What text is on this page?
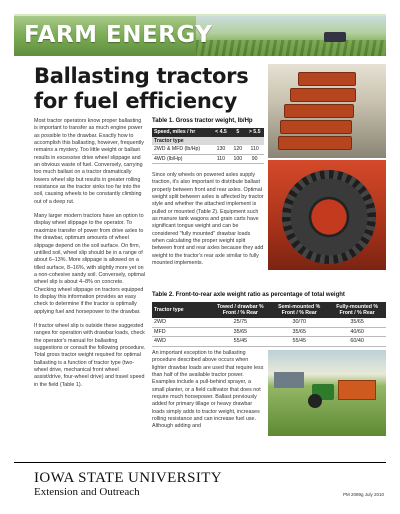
FARM ENERGY
Ballasting tractors for fuel efficiency

Most tractor operators know proper ballasting is important to transfer as much engine power as possible to the drawbar. Exactly how to accomplish this ballasting, however, frequently remains a mystery. Too little weight or ballast results in excessive drive wheel slippage and an obvious waste of fuel. Conversely, carrying too much ballast on a tractor dramatically lowers wheel slip but results in greater rolling resistance as the tractor sinks too far into the soil, causing wheels to be constantly climbing out of a deep rut.

Many larger modern tractors have an option to display wheel slippage to the operator. To maximize transfer of power from drive axles to the drawbar, optimum amounts of wheel slippage depend on the soil surface. On firm, untilled soil, wheel slip should be in a range of about 6–13%. More slippage is allowed on a tilled surface, 8–16%, with slightly more yet on a non-cohesive sandy soil. Conversely, optimal wheel slip is about 4–8% on concrete. Checking wheel slippage on tractors equipped to display this information provides an easy check to determine if the tractor is optimally applying fuel and horsepower to the drawbar.

If tractor wheel slip is outside these suggested ranges for operation with drawbar loads, check the operator's manual for ballasting suggestions or consult the following procedure. Total gross tractor weight required for optimal ballasting is a function of tractor type (two-wheel drive, mechanical front wheel assist/drive, four-wheel drive) and travel speed in the field (Table 1).

Table 1. Gross tractor weight, lb/Hp
Speed, miles / hr	< 4.5	5	> 5.5
Tractor type			
2WD & MFD (lb/Hp)	130	120	110
4WD (lb/Hp)	110	100	90

Since only wheels on powered axles supply traction, it's also important to distribute ballast properly between front and rear axles. Optimal weight split between axles is affected by tractor style and whether the attached implement is pulled or mounted (Table 2). Equipment such as manure tank wagons and grain carts have significant tongue weight and can be considered "fully mounted" drawbar loads when calculating the proper weight split between front and rear axles because they add weight to the tractor's rear axle similar to fully mounted implements.

Table 2. Front-to-rear axle weight ratio as percentage of total weight
Tractor type	Towed / drawbar % Front / % Rear	Semi-mounted % Front / % Rear	Fully-mounted % Front / % Rear
2WD	25/75	30/70	35/65
MFD	35/65	35/65	40/60
4WD	55/45	55/45	60/40

An important exception to the ballasting procedure described above occurs when lighter drawbar loads are used that require less than half of the available tractor power. Examples include a pull-behind sprayer, a small planter, or a field cultivator that does not require much horsepower. Ballast previously added for primary tillage or heavy drawbar loads simply adds to tractor weight, increases rolling resistance and can increase fuel use. Although adding and

IOWA STATE UNIVERSITY
Extension and Outreach	PM 2089g July 2010
